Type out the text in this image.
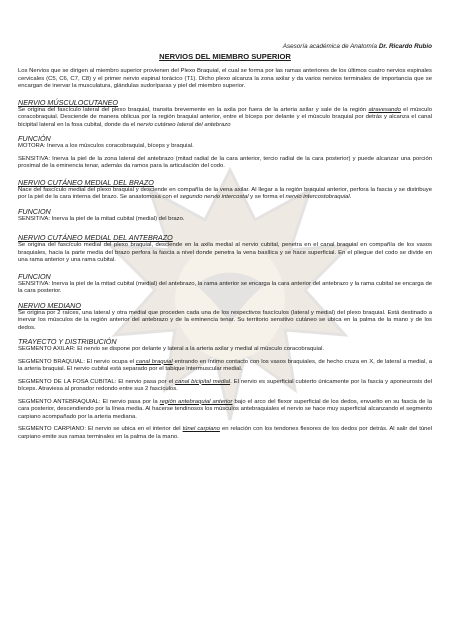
Asesoría académica de Anatomía Dr. Ricardo Rubio
NERVIOS DEL MIEMBRO SUPERIOR

Los Nervios que se dirigen al miembro superior provienen del Plexo Braquial, el cual se forma por las ramas anteriores de los últimos cuatro nervios espinales cervicales (C5, C6, C7, C8) y el primer nervio espinal torácico (T1). Dicho plexo alcanza la zona axilar y da varios nervios terminales de importancia que se encargan de inervar la musculatura, glándulas sudoríparas y piel del miembro superior.

NERVIO MÚSCULOCUTANEO

Se origina del fascículo lateral del plexo braquial, transita brevemente en la axila por fuera de la arteria axilar y sale de la región atravesando el músculo coracobraquial. Desciende de manera oblicua por la región braquial anterior, entre el bíceps por delante y el músculo braquial por detrás y alcanza el canal bicipital lateral en la fosa cubital, donde da el nervio cutáneo lateral del antebrazo

FUNCIÓN

MOTORA: Inerva a los músculos coracobraquial, bíceps y braquial.

SENSITIVA: Inerva la piel de la zona lateral del antebrazo (mitad radial de la cara anterior, tercio radial de la cara posterior) y puede alcanzar una porción proximal de la eminencia tenar, además da ramos para la articulación del codo.

NERVIO CUTÁNEO MEDIAL DEL BRAZO

Nace del fascículo medial del plexo braquial y desciende en compañía de la vena axilar. Al llegar a la región braquial anterior, perfora la fascia y se distribuye por la piel de la cara interna del brazo. Se anastomosa con el segundo nervio intercostal y se forma el nervio intercostobraquial.

FUNCION

SENSITIVA: Inerva la piel de la mitad cubital (medial) del brazo.

NERVIO CUTÁNEO MEDIAL DEL ANTEBRAZO

Se origina del fascículo medial del plexo braquial, desciende en la axila medial al nervio cubital, penetra en el canal braquial en compañía de los vasos braquiales, hacia la parte media del brazo perfora la fascia a nivel donde penetra la vena basílica y se hace superficial. En el pliegue del codo se divide en una rama anterior y una rama cubital.

FUNCION

SENSITIVA: Inerva la piel de la mitad cubital (medial) del antebrazo, la rama anterior se encarga la cara anterior del antebrazo y la rama cubital se encarga de la cara posterior.

NERVIO MEDIANO

Se origina por 2 raíces, una lateral y otra medial que proceden cada una de los respectivos fascículos (lateral y medial) del plexo braquial. Está destinado a inervar los músculos de la región anterior del antebrazo y de la eminencia tenar. Su territorio sensitivo cutáneo se ubica en la palma de la mano y de los dedos.

TRAYECTO Y DISTRIBUCIÓN

SEGMENTO AXILAR: El nervio se dispone por delante y lateral a la arteria axilar y medial al músculo coracobraquial.

SEGMENTO BRAQUIAL: El nervio ocupa el canal braquial entrando en íntimo contacto con los vasos braquiales, de hecho cruza en X, de lateral a medial, a la arteria braquial. El nervio cubital está separado por el tabique intermuscular medial.

SEGMENTO DE LA FOSA CUBITAL: El nervio pasa por el canal bicipital medial. El nervio es superficial cubierto únicamente por la fascia y aponeurosis del bíceps. Atraviesa al pronador redondo entre sus 2 fascículos.

SEGMENTO ANTEBRAQUIAL: El nervio pasa por la región antebraquial anterior bajo el arco del flexor superficial de los dedos, envuelto en su fascia de la cara posterior, descendiendo por la línea media. Al hacerse tendinosos los músculos antebraquiales el nervio se hace muy superficial alcanzando el segmento carpiano acompañado por la arteria mediana.

SEGMENTO CARPIANO: El nervio se ubica en el interior del túnel carpiano en relación con los tendones flexores de los dedos por detrás. Al salir del túnel carpiano emite sus ramas terminales en la palma de la mano.
